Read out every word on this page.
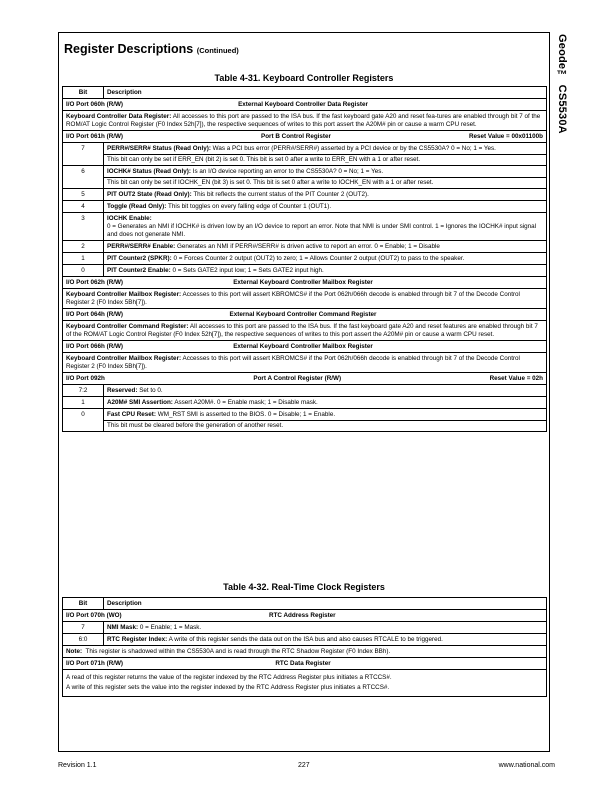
Geode™ CS5530A
Register Descriptions (Continued)
Table 4-31. Keyboard Controller Registers
Bit	Description

I/O Port 060h (R/W) External Keyboard Controller Data Register	

Keyboard Controller Data Register: All accesses to this port are passed to the ISA bus. If the fast keyboard gate A20 and reset fea-tures are enabled through bit 7 of the ROM/AT Logic Control Register (F0 Index 52h[7]), the respective sequences of writes to this port assert the A20M# pin or cause a warm CPU reset.	

I/O Port 061h (R/W) Port B Control Register Reset Value = 00x01100b	

7	PERR#/SERR# Status (Read Only): Was a PCI bus error (PERR#/SERR#) asserted by a PCI device or by the CS5530A? 0 = No; 1 = Yes.
This bit can only be set if ERR_EN (bit 2) is set 0. This bit is set 0 after a write to ERR_EN with a 1 or after reset.

6	IOCHK# Status (Read Only): Is an I/O device reporting an error to the CS5530A? 0 = No; 1 = Yes.
This bit can only be set if IOCHK_EN (bit 3) is set 0. This bit is set 0 after a write to IOCHK_EN with a 1 or after reset.

5	PIT OUT2 State (Read Only): This bit reflects the current status of the PIT Counter 2 (OUT2).
4	Toggle (Read Only): This bit toggles on every falling edge of Counter 1 (OUT1).
3	IOCHK Enable:
0 = Generates an NMI if IOCHK# is driven low by an I/O device to report an error. Note that NMI is under SMI control. 1 = Ignores the IOCHK# input signal and does not generate NMI.
2	PERR#/SERR# Enable: Generates an NMI if PERR#/SERR# is driven active to report an error. 0 = Enable; 1 = Disable
1	PIT Counter2 (SPKR): 0 = Forces Counter 2 output (OUT2) to zero; 1 = Allows Counter 2 output (OUT2) to pass to the speaker.
0	PIT Counter2 Enable: 0 = Sets GATE2 input low; 1 = Sets GATE2 input high.

I/O Port 062h (R/W) External Keyboard Controller Mailbox Register	

Keyboard Controller Mailbox Register: Accesses to this port will assert KBROMCS# if the Port 062h/066h decode is enabled through bit 7 of the Decode Control Register 2 (F0 Index 5Bh[7]).	

I/O Port 064h (R/W) External Keyboard Controller Command Register	

Keyboard Controller Command Register: All accesses to this port are passed to the ISA bus. If the fast keyboard gate A20 and reset features are enabled through bit 7 of the ROM/AT Logic Control Register (F0 Index 52h[7]), the respective sequences of writes to this port assert the A20M# pin or cause a warm CPU reset.	

I/O Port 066h (R/W) External Keyboard Controller Mailbox Register	

Keyboard Controller Mailbox Register: Accesses to this port will assert KBROMCS# if the Port 062h/066h decode is enabled through bit 7 of the Decode Control Register 2 (F0 Index 5Bh[7]).	

I/O Port 092h Port A Control Register (R/W) Reset Value = 02h	

7:2	Reserved: Set to 0.
1	A20M# SMI Assertion: Assert A20M#. 0 = Enable mask; 1 = Disable mask.
0	Fast CPU Reset: WM_RST SMI is asserted to the BIOS. 0 = Disable; 1 = Enable.
This bit must be cleared before the generation of another reset.
Table 4-32. Real-Time Clock Registers
Bit	Description

I/O Port 070h (WO) RTC Address Register	

7	NMI Mask: 0 = Enable; 1 = Mask.
6:0	RTC Register Index: A write of this register sends the data out on the ISA bus and also causes RTCALE to be triggered.
Note: This register is shadowed within the CS5530A and is read through the RTC Shadow Register (F0 Index BBh).	

I/O Port 071h (R/W) RTC Data Register	

A read of this register returns the value of the register indexed by the RTC Address Register plus initiates a RTCCS#.
A write of this register sets the value into the register indexed by the RTC Address Register plus initiates a RTCCS#.	
Revision 1.1	227	www.national.com
